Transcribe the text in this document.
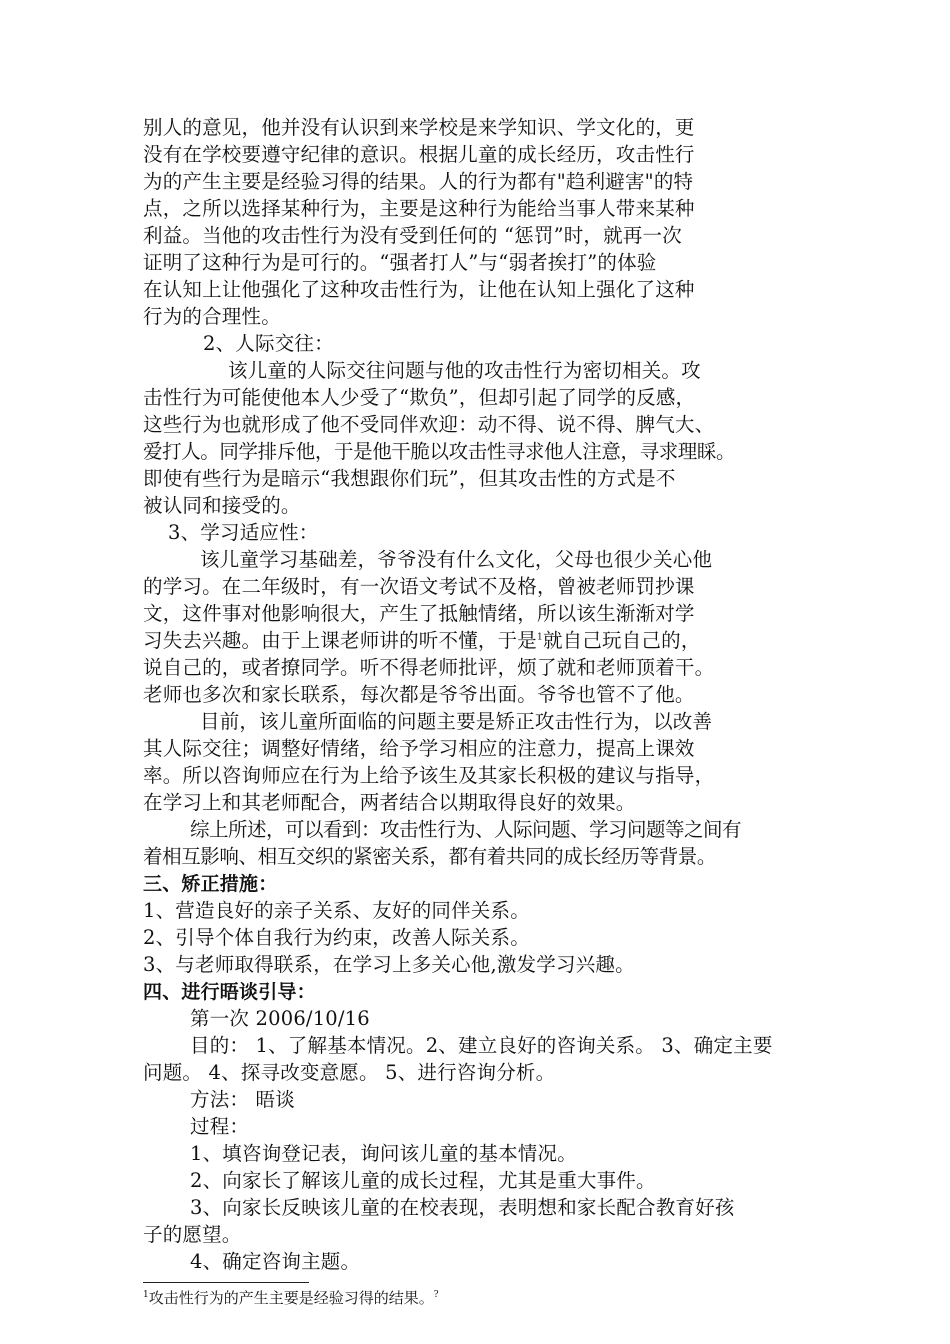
别人的意见，他并没有认识到来学校是来学知识、学文化的，更
没有在学校要遵守纪律的意识。根据儿童的成长经历，攻击性行
为的产生主要是经验习得的结果。人的行为都有"趋利避害"的特
点，之所以选择某种行为，主要是这种行为能给当事人带来某种
利益。当他的攻击性行为没有受到任何的 “惩罚”时，就再一次
证明了这种行为是可行的。“强者打人”与“弱者挨打”的体验
在认知上让他强化了这种攻击性行为，让他在认知上强化了这种
行为的合理性。
2、人际交往：
该儿童的人际交往问题与他的攻击性行为密切相关。攻
击性行为可能使他本人少受了“欺负”，但却引起了同学的反感，
这些行为也就形成了他不受同伴欢迎：动不得、说不得、脾气大、
爱打人。同学排斥他，于是他干脆以攻击性寻求他人注意，寻求理睬。
即使有些行为是暗示“我想跟你们玩”，但其攻击性的方式是不
被认同和接受的。
3、学习适应性：
该儿童学习基础差，爷爷没有什么文化，父母也很少关心他
的学习。在二年级时，有一次语文考试不及格，曾被老师罚抄课
文，这件事对他影响很大，产生了抵触情绪，所以该生渐渐对学
习失去兴趣。由于上课老师讲的听不懂，于是$^1$就自己玩自己的，
说自己的，或者撩同学。听不得老师批评，烦了就和老师顶着干。
老师也多次和家长联系，每次都是爷爷出面。爷爷也管不了他。
目前，该儿童所面临的问题主要是矫正攻击性行为，以改善
其人际交往；调整好情绪，给予学习相应的注意力，提高上课效
率。所以咨询师应在行为上给予该生及其家长积极的建议与指导，
在学习上和其老师配合，两者结合以期取得良好的效果。
综上所述，可以看到：攻击性行为、人际问题、学习问题等之间有
着相互影响、相互交织的紧密关系，都有着共同的成长经历等背景。
三、矫正措施：
1、营造良好的亲子关系、友好的同伴关系。
2、引导个体自我行为约束，改善人际关系。
3、与老师取得联系，在学习上多关心他,激发学习兴趣。
四、进行晤谈引导：
第一次 2006/10/16
目的： 1、了解基本情况。2、建立良好的咨询关系。 3、确定主要
问题。 4、探寻改变意愿。 5、进行咨询分析。
方法： 晤谈
过程：
1、填咨询登记表，询问该儿童的基本情况。
2、向家长了解该儿童的成长过程，尤其是重大事件。
3、向家长反映该儿童的在校表现，表明想和家长配合教育好孩
子的愿望。
4、确定咨询主题。
$^1$攻击性行为的产生主要是经验习得的结果。?
